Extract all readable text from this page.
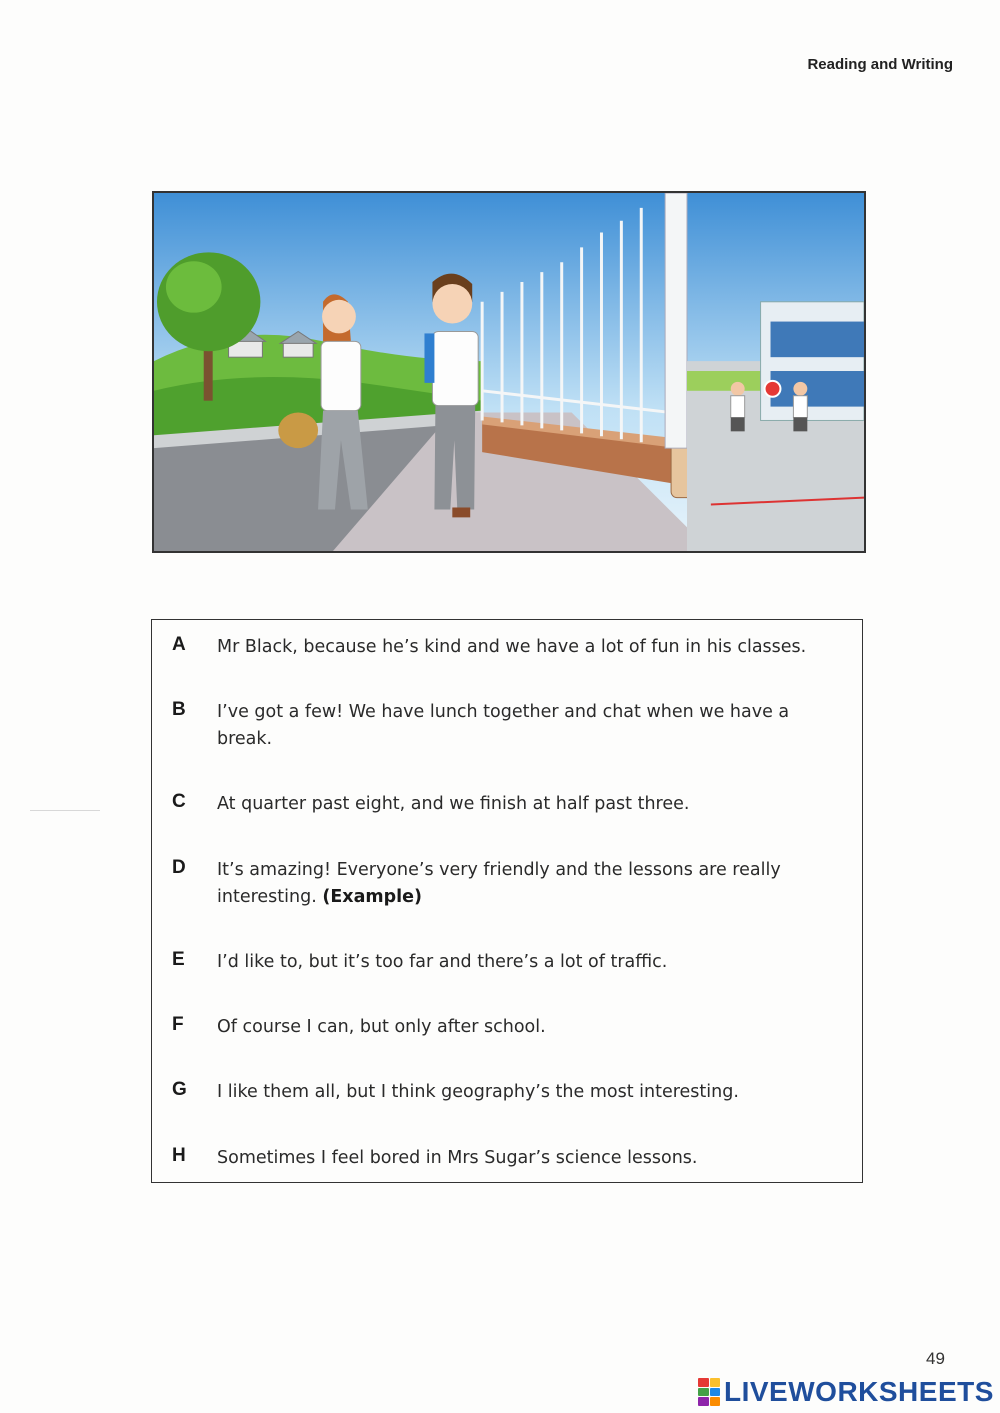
Reading and Writing
A Mr Black, because he’s kind and we have a lot of fun in his classes.
B I’ve got a few! We have lunch together and chat when we have a break.
C At quarter past eight, and we finish at half past three.
D It’s amazing! Everyone’s very friendly and the lessons are really interesting. (Example)
E I’d like to, but it’s too far and there’s a lot of traffic.
F Of course I can, but only after school.
G I like them all, but I think geography’s the most interesting.
H Sometimes I feel bored in Mrs Sugar’s science lessons.
49
LIVEWORKSHEETS
